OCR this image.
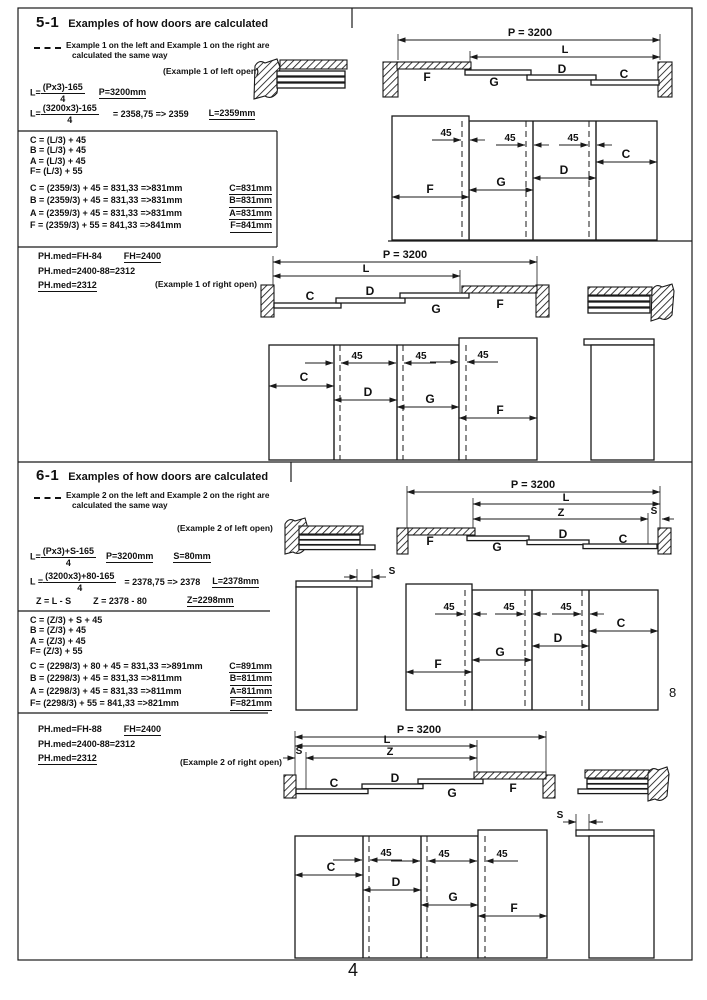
P = 3200
L
F	G
D	C
45	45	45
C
D
G
F
P = 3200
L
C	D
G	F
45	45	45
C
D	G
F
P = 3200
L
Z	S
F	G
D	C
S
45	45	45
C
D
G
F
P = 3200
L
S	Z
C	D
G	F
S
45	45	45
C
D
G
F
8
5-1 Examples of how doors are calculated
Example 1 on the left and Example 1 on the right are
calculated the same way
(Example 1 of left open)
$L= \frac{(Px3)-165}{4} P=3200mm$
$L= \frac{(3200x3)-165}{4} = 2358,75 => 2359$ L=2359mm
C = (L/3) + 45
B = (L/3) + 45
A = (L/3) + 45
F= (L/3) + 55
C = (2359/3) + 45 = 831,33 =>831mm	C=831mm
B = (2359/3) + 45 = 831,33 =>831mm	B=831mm
A = (2359/3) + 45 = 831,33 =>831mm	A=831mm
F = (2359/3) + 55 = 841,33 =>841mm	F=841mm
PH.med=FH-84 FH=2400
PH.med=2400-88=2312
PH.med=2312	(Example 1 of right open)
6-1 Examples of how doors are calculated
Example 2 on the left and Example 2 on the right are
calculated the same way
(Example 2 of left open)
$L= \frac{(Px3)+S-165}{4} P=3200mm$ S=80mm
$L = \frac{(3200x3)+80-165}{4} = 2378,75 => 2378$ L=2378mm
Z = L - S Z = 2378 - 80	Z=2298mm
C = (Z/3) + S + 45
B = (Z/3) + 45
A = (Z/3) + 45
F= (Z/3) + 55
C = (2298/3) + 80 + 45 = 831,33 =>891mm	C=891mm
B = (2298/3) + 45 = 831,33 =>811mm	B=811mm
A = (2298/3) + 45 = 831,33 =>811mm	A=811mm
F= (2298/3) + 55 = 841,33 =>821mm	F=821mm
PH.med=FH-88 FH=2400
PH.med=2400-88=2312
PH.med=2312	(Example 2 of right open)
4
